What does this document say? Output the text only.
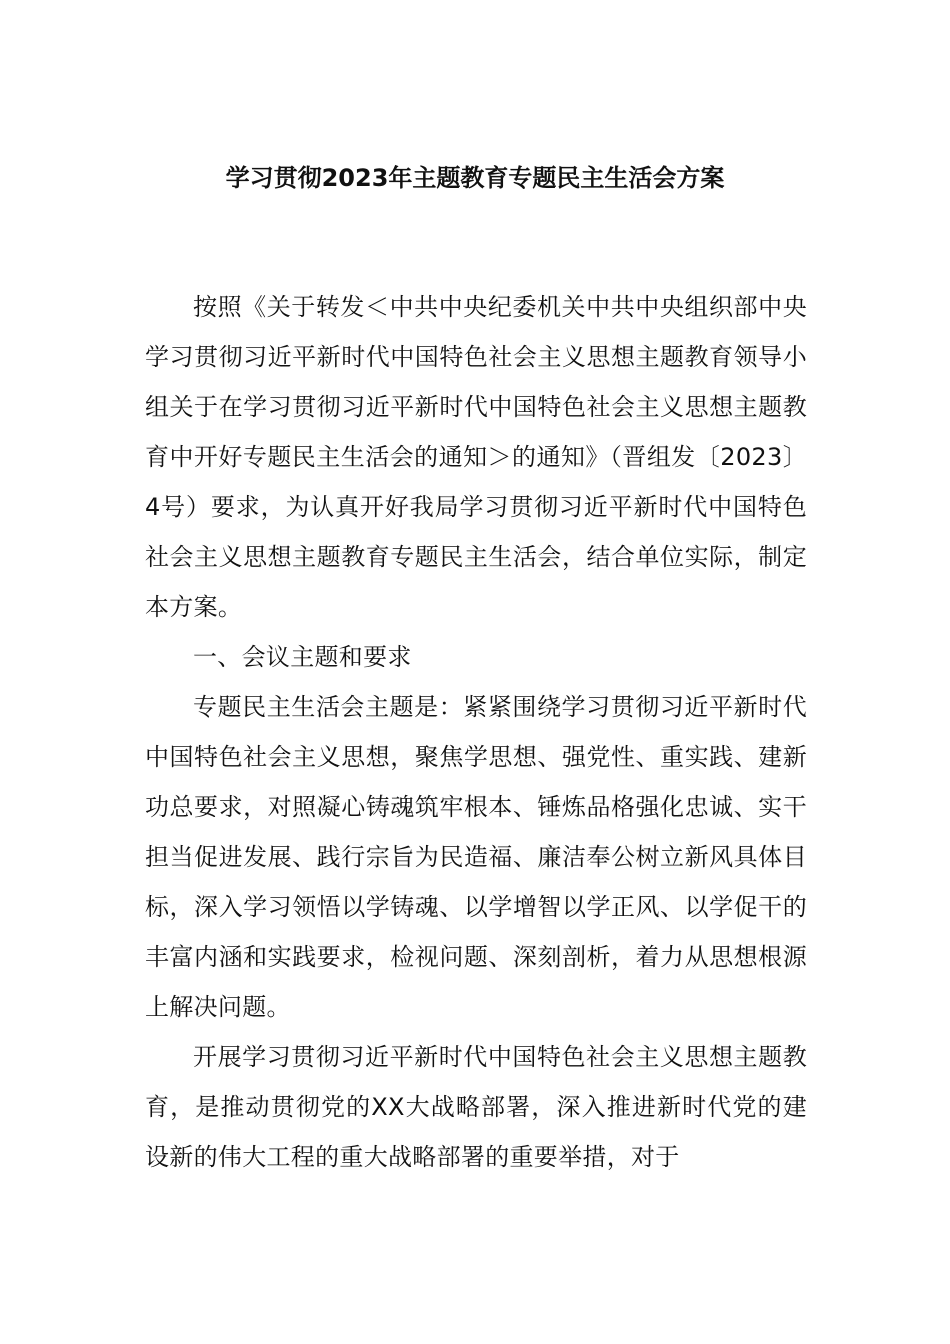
学习贯彻2023年主题教育专题民主生活会方案

按照《关于转发＜中共中央纪委机关中共中央组织部中央学习贯彻习近平新时代中国特色社会主义思想主题教育领导小组关于在学习贯彻习近平新时代中国特色社会主义思想主题教育中开好专题民主生活会的通知＞的通知》（晋组发〔2023〕4号）要求，为认真开好我局学习贯彻习近平新时代中国特色社会主义思想主题教育专题民主生活会，结合单位实际，制定本方案。

一、会议主题和要求

专题民主生活会主题是：紧紧围绕学习贯彻习近平新时代中国特色社会主义思想，聚焦学思想、强党性、重实践、建新功总要求，对照凝心铸魂筑牢根本、锤炼品格强化忠诚、实干担当促进发展、践行宗旨为民造福、廉洁奉公树立新风具体目标，深入学习领悟以学铸魂、以学增智以学正风、以学促干的丰富内涵和实践要求，检视问题、深刻剖析，着力从思想根源上解决问题。

开展学习贯彻习近平新时代中国特色社会主义思想主题教育，是推动贯彻党的XX大战略部署，深入推进新时代党的建设新的伟大工程的重大战略部署的重要举措，对于
